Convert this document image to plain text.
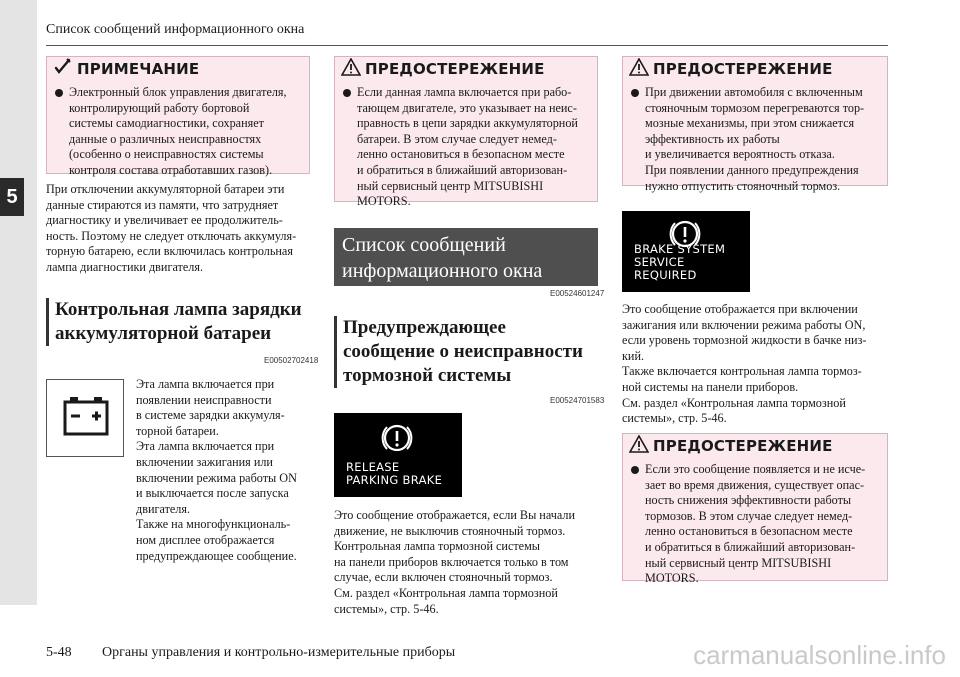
5
Список сообщений информационного окна
ПРИМЕЧАНИЕ
Электронный блок управления двигателя,
контролирующий работу бортовой
системы самодиагностики, сохраняет
данные о различных неисправностях
(особенно о неисправностях системы
контроля состава отработавших газов).
При отключении аккумуляторной батареи эти
данные стираются из памяти, что затрудняет
диагностику и увеличивает ее продолжитель-
ность. Поэтому не следует отключать аккумуля-
торную батарею, если включилась контрольная
лампа диагностики двигателя.
Контрольная лампа зарядки
аккумуляторной батареи
E00502702418
Эта лампа включается при
появлении неисправности
в системе зарядки аккумуля-
торной батареи.
Эта лампа включается при
включении зажигания или
включении режима работы ON
и выключается после запуска
двигателя.
Также на многофункциональ-
ном дисплее отображается
предупреждающее сообщение.
ПРЕДОСТЕРЕЖЕНИЕ
Если данная лампа включается при рабо-
тающем двигателе, это указывает на неис-
правность в цепи зарядки аккумуляторной
батареи. В этом случае следует немед-
ленно остановиться в безопасном месте
и обратиться в ближайший авторизован-
ный сервисный центр MITSUBISHI
MOTORS.
Список сообщений
информационного окна
E00524601247
Предупреждающее
сообщение о неисправности
тормозной системы
E00524701583
RELEASE
PARKING BRAKE
Это сообщение отображается, если Вы начали
движение, не выключив стояночный тормоз.
Контрольная лампа тормозной системы
на панели приборов включается только в том
случае, если включен стояночный тормоз.
См. раздел «Контрольная лампа тормозной
системы», стр. 5-46.
ПРЕДОСТЕРЕЖЕНИЕ
При движении автомобиля с включенным
стояночным тормозом перегреваются тор-
мозные механизмы, при этом снижается
эффективность их работы
и увеличивается вероятность отказа.
При появлении данного предупреждения
нужно отпустить стояночный тормоз.
BRAKE SYSTEM
SERVICE REQUIRED
Это сообщение отображается при включении
зажигания или включении режима работы ON,
если уровень тормозной жидкости в бачке низ-
кий.
Также включается контрольная лампа тормоз-
ной системы на панели приборов.
См. раздел «Контрольная лампа тормозной
системы», стр. 5-46.
ПРЕДОСТЕРЕЖЕНИЕ
Если это сообщение появляется и не исче-
зает во время движения, существует опас-
ность снижения эффективности работы
тормозов. В этом случае следует немед-
ленно остановиться в безопасном месте
и обратиться в ближайший авторизован-
ный сервисный центр MITSUBISHI
MOTORS.
5-48 Органы управления и контрольно-измерительные приборы	carmanualsonline.info
